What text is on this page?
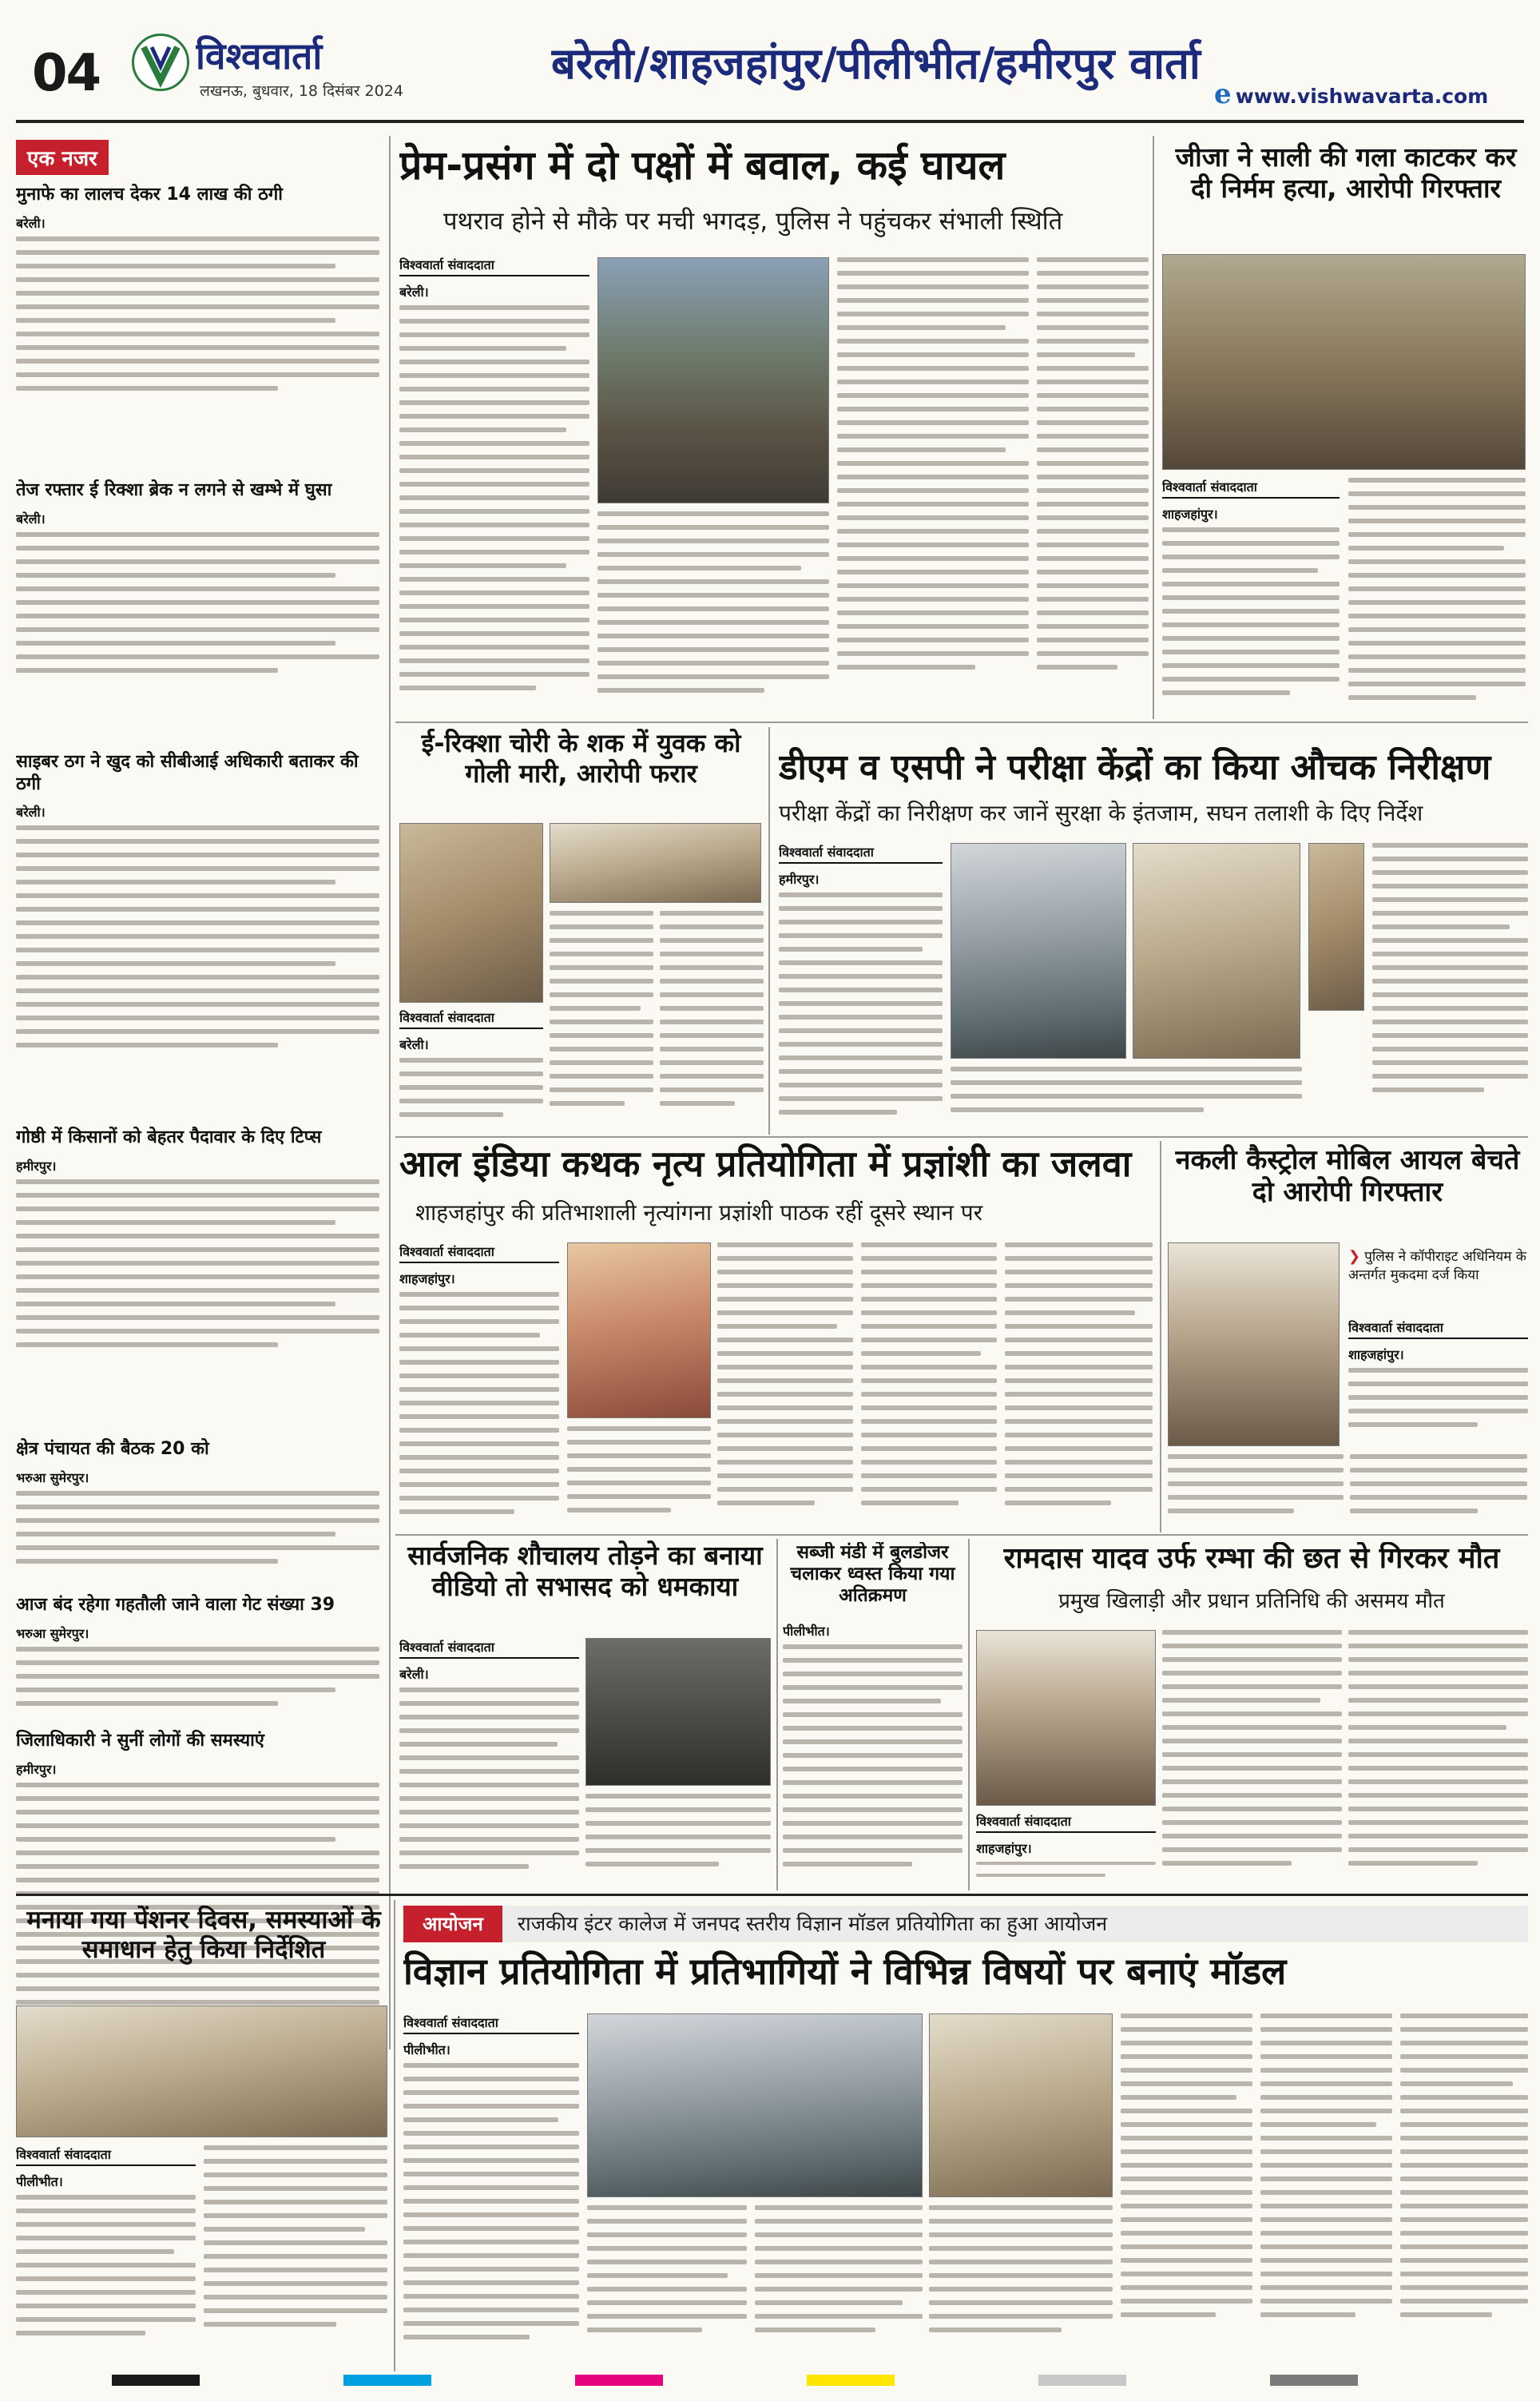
04	विश्ववार्ता
लखनऊ, बुधवार, 18 दिसंबर 2024
बरेली/शाहजहांपुर/पीलीभीत/हमीरपुर वार्ता
e www.vishwavarta.com
एक नजर
मुनाफे का लालच देकर 14 लाख की ठगी
बरेली।
तेज रफ्तार ई रिक्शा ब्रेक न लगने से खम्भे में घुसा
बरेली।
साइबर ठग ने खुद को सीबीआई अधिकारी बताकर की ठगी
बरेली।
गोष्ठी में किसानों को बेहतर पैदावार के दिए टिप्स
हमीरपुर।
क्षेत्र पंचायत की बैठक 20 को
भरुआ सुमेरपुर।
आज बंद रहेगा गहतौली जाने वाला गेट संख्या 39
भरुआ सुमेरपुर।
जिलाधिकारी ने सुनीं लोगों की समस्याएं
हमीरपुर।
प्रेम-प्रसंग में दो पक्षों में बवाल, कई घायल
पथराव होने से मौके पर मची भगदड़, पुलिस ने पहुंचकर संभाली स्थिति
विश्ववार्ता संवाददाता
बरेली।
जीजा ने साली की गला काटकर कर दी निर्मम हत्या, आरोपी गिरफ्तार
विश्ववार्ता संवाददाता
शाहजहांपुर।
ई-रिक्शा चोरी के शक में युवक को गोली मारी, आरोपी फरार
विश्ववार्ता संवाददाता
बरेली।
डीएम व एसपी ने परीक्षा केंद्रों का किया औचक निरीक्षण
परीक्षा केंद्रों का निरीक्षण कर जानें सुरक्षा के इंतजाम, सघन तलाशी के दिए निर्देश
विश्ववार्ता संवाददाता
हमीरपुर।
आल इंडिया कथक नृत्य प्रतियोगिता में प्रज्ञांशी का जलवा
शाहजहांपुर की प्रतिभाशाली नृत्यांगना प्रज्ञांशी पाठक रहीं दूसरे स्थान पर
विश्ववार्ता संवाददाता
शाहजहांपुर।
नकली कैस्ट्रोल मोबिल आयल बेचते दो आरोपी गिरफ्तार
❯ पुलिस ने कॉपीराइट अधिनियम के अन्तर्गत मुकदमा दर्ज किया
विश्ववार्ता संवाददाता
शाहजहांपुर।
सार्वजनिक शौचालय तोड़ने का बनाया वीडियो तो सभासद को धमकाया
विश्ववार्ता संवाददाता
बरेली।
सब्जी मंडी में बुलडोजर चलाकर ध्वस्त किया गया अतिक्रमण
पीलीभीत।
रामदास यादव उर्फ रम्भा की छत से गिरकर मौत
प्रमुख खिलाड़ी और प्रधान प्रतिनिधि की असमय मौत
विश्ववार्ता संवाददाता
शाहजहांपुर।
मनाया गया पेंशनर दिवस, समस्याओं के समाधान हेतु किया निर्देशित
विश्ववार्ता संवाददाता
पीलीभीत।
आयोजन राजकीय इंटर कालेज में जनपद स्तरीय विज्ञान मॉडल प्रतियोगिता का हुआ आयोजन
विज्ञान प्रतियोगिता में प्रतिभागियों ने विभिन्न विषयों पर बनाएं मॉडल
विश्ववार्ता संवाददाता
पीलीभीत।
